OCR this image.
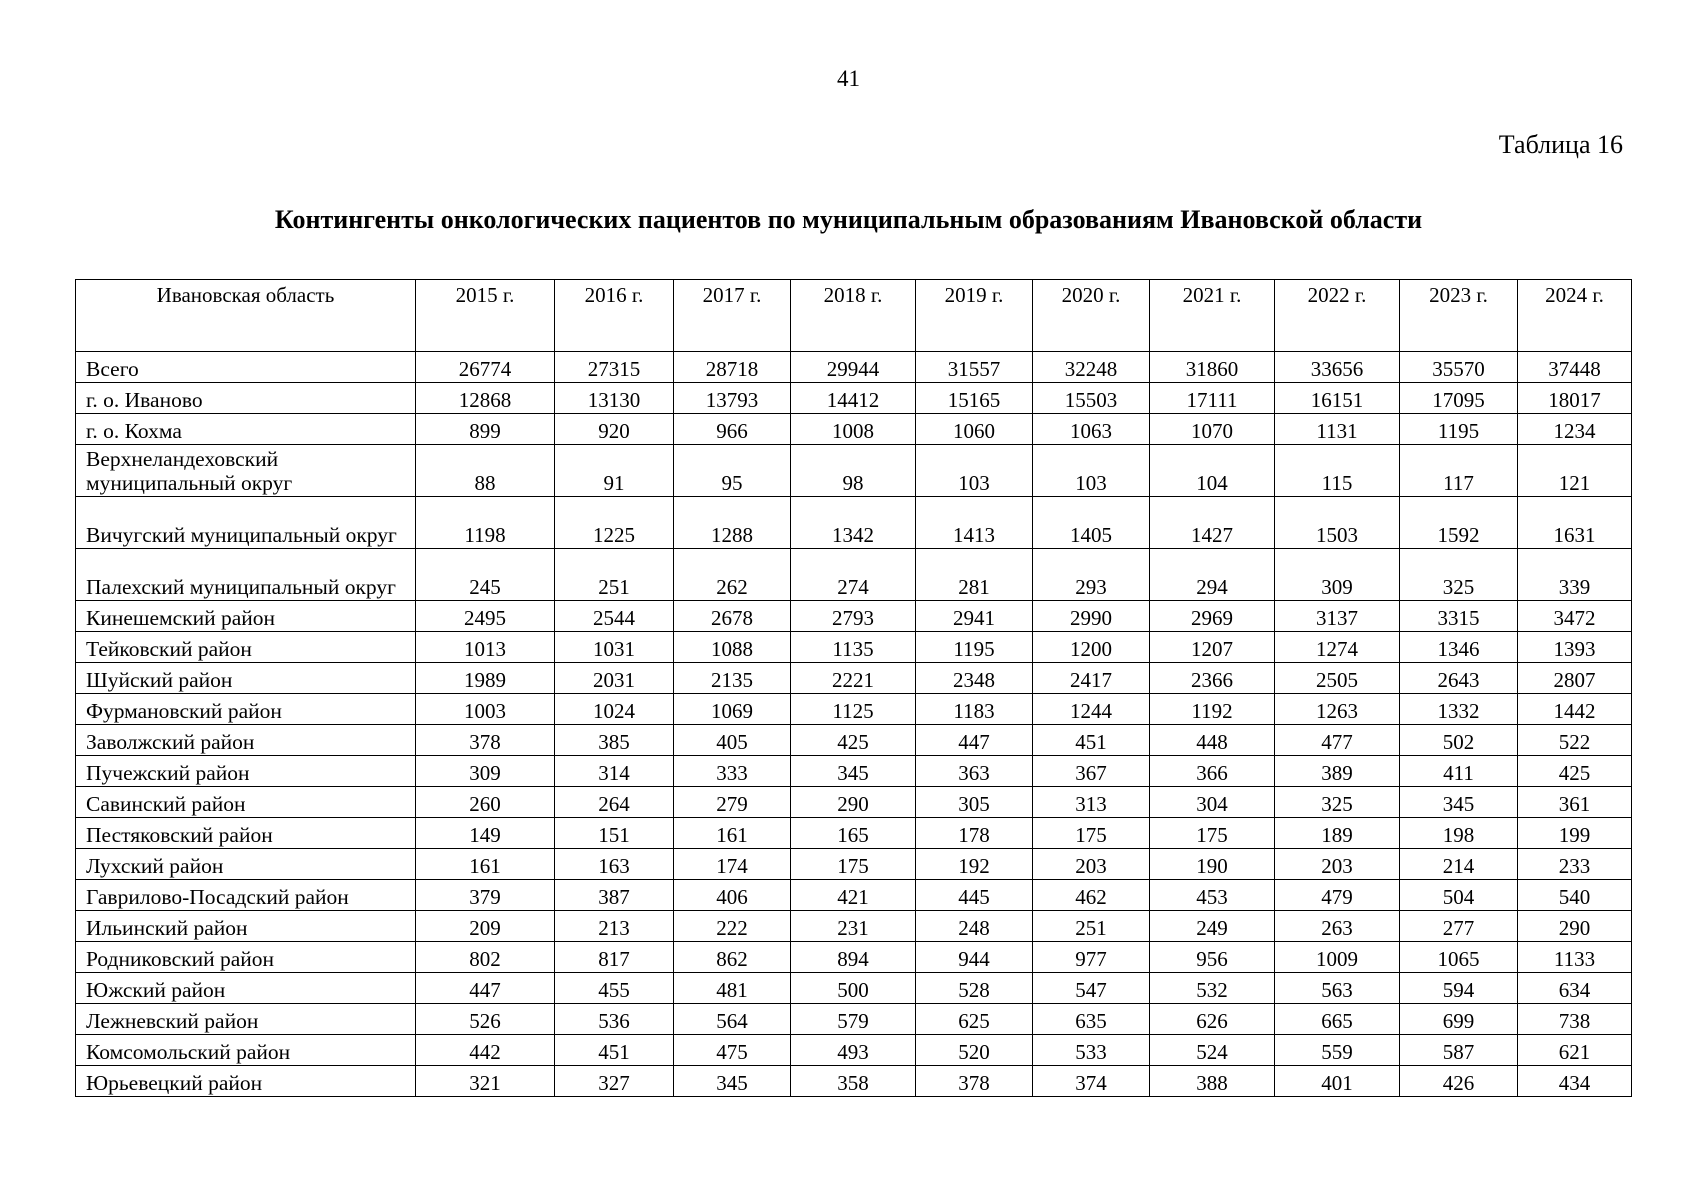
41
Таблица 16
Контингенты онкологических пациентов по муниципальным образованиям Ивановской области
Ивановская область	2015 г.	2016 г.	2017 г.	2018 г.	2019 г.	2020 г.	2021 г.	2022 г.	2023 г.	2024 г.
Всего	26774	27315	28718	29944	31557	32248	31860	33656	35570	37448
г. о. Иваново	12868	13130	13793	14412	15165	15503	17111	16151	17095	18017
г. о. Кохма	899	920	966	1008	1060	1063	1070	1131	1195	1234
Верхнеландеховский муниципальный округ	88	91	95	98	103	103	104	115	117	121
Вичугский муниципальный округ	1198	1225	1288	1342	1413	1405	1427	1503	1592	1631
Палехский муниципальный округ	245	251	262	274	281	293	294	309	325	339
Кинешемский район	2495	2544	2678	2793	2941	2990	2969	3137	3315	3472
Тейковский район	1013	1031	1088	1135	1195	1200	1207	1274	1346	1393
Шуйский район	1989	2031	2135	2221	2348	2417	2366	2505	2643	2807
Фурмановский район	1003	1024	1069	1125	1183	1244	1192	1263	1332	1442
Заволжский район	378	385	405	425	447	451	448	477	502	522
Пучежский район	309	314	333	345	363	367	366	389	411	425
Савинский район	260	264	279	290	305	313	304	325	345	361
Пестяковский район	149	151	161	165	178	175	175	189	198	199
Лухский район	161	163	174	175	192	203	190	203	214	233
Гаврилово-Посадский район	379	387	406	421	445	462	453	479	504	540
Ильинский район	209	213	222	231	248	251	249	263	277	290
Родниковский район	802	817	862	894	944	977	956	1009	1065	1133
Южский район	447	455	481	500	528	547	532	563	594	634
Лежневский район	526	536	564	579	625	635	626	665	699	738
Комсомольский район	442	451	475	493	520	533	524	559	587	621
Юрьевецкий район	321	327	345	358	378	374	388	401	426	434
